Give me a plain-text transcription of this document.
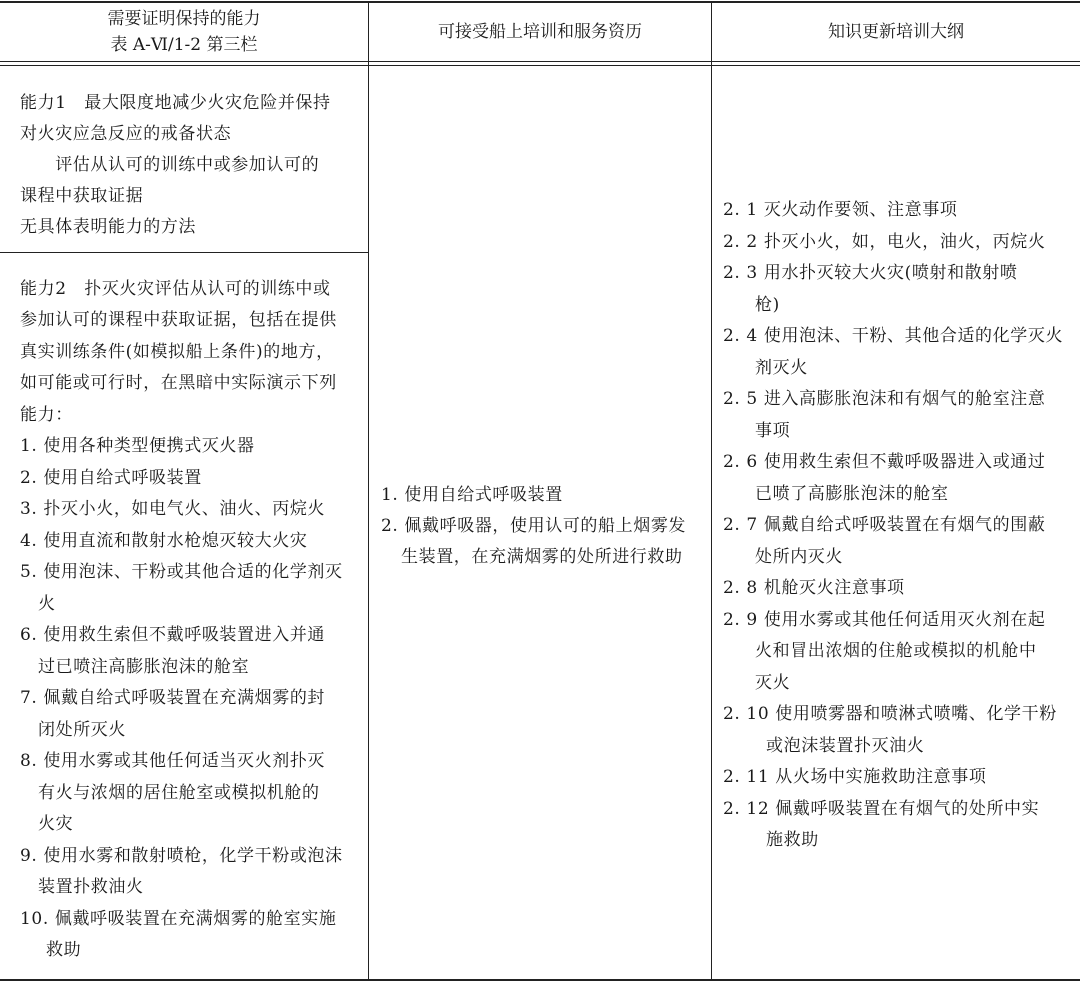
需要证明保持的能力
表 A-Ⅵ/1-2 第三栏
可接受船上培训和服务资历	知识更新培训大纲
能力1　最大限度地减少火灾危险并保持
对火灾应急反应的戒备状态
　　评估从认可的训练中或参加认可的
课程中获取证据
无具体表明能力的方法
能力2　扑灭火灾评估从认可的训练中或
参加认可的课程中获取证据，包括在提供
真实训练条件(如模拟船上条件)的地方，
如可能或可行时，在黑暗中实际演示下列
能力：
1. 使用各种类型便携式灭火器
2. 使用自给式呼吸装置
3. 扑灭小火，如电气火、油火、丙烷火
4. 使用直流和散射水枪熄灭较大火灾
5. 使用泡沫、干粉或其他合适的化学剂灭
火
6. 使用救生索但不戴呼吸装置进入并通
过已喷注高膨胀泡沫的舱室
7. 佩戴自给式呼吸装置在充满烟雾的封
闭处所灭火
8. 使用水雾或其他任何适当灭火剂扑灭
有火与浓烟的居住舱室或模拟机舱的
火灾
9. 使用水雾和散射喷枪，化学干粉或泡沫
装置扑救油火
10. 佩戴呼吸装置在充满烟雾的舱室实施
救助
1. 使用自给式呼吸装置
2. 佩戴呼吸器，使用认可的船上烟雾发
生装置，在充满烟雾的处所进行救助
2. 1 灭火动作要领、注意事项
2. 2 扑灭小火，如，电火，油火，丙烷火
2. 3 用水扑灭较大火灾(喷射和散射喷
枪)
2. 4 使用泡沫、干粉、其他合适的化学灭火
剂灭火
2. 5 进入高膨胀泡沫和有烟气的舱室注意
事项
2. 6 使用救生索但不戴呼吸器进入或通过
已喷了高膨胀泡沫的舱室
2. 7 佩戴自给式呼吸装置在有烟气的围蔽
处所内灭火
2. 8 机舱灭火注意事项
2. 9 使用水雾或其他任何适用灭火剂在起
火和冒出浓烟的住舱或模拟的机舱中
灭火
2. 10 使用喷雾器和喷淋式喷嘴、化学干粉
或泡沫装置扑灭油火
2. 11 从火场中实施救助注意事项
2. 12 佩戴呼吸装置在有烟气的处所中实
施救助
